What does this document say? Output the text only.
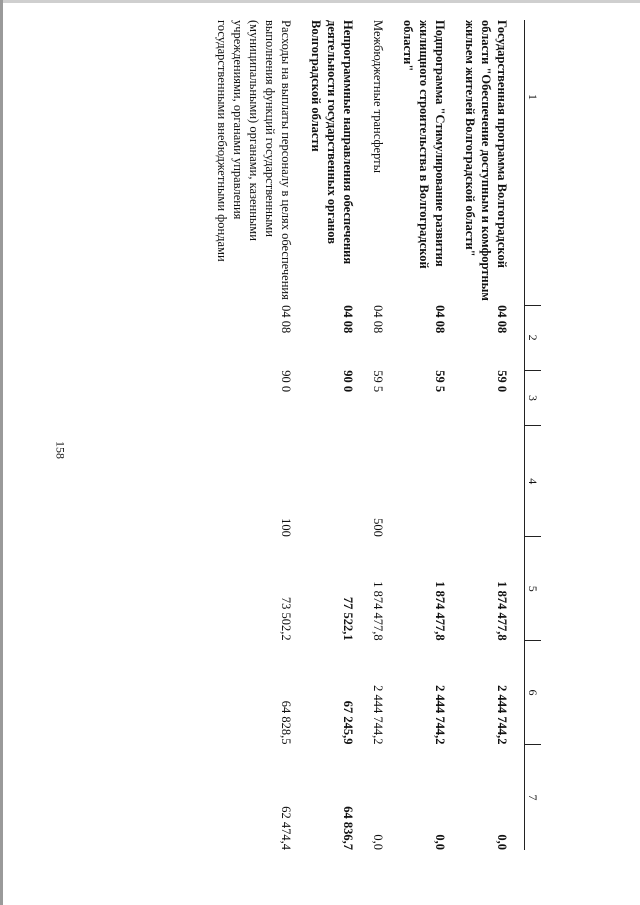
158
1	2	3	4	5	6	7

Государственная программа Волгоградской области "Обеспечение доступным и комфортным жильем жителей Волгоградской области"	04 08	59 0		1 874 477,8	2 444 744,2	0,0
Подпрограмма "Стимулирование развития жилищного строительства в Волгоградской области"	04 08	59 5		1 874 477,8	2 444 744,2	0,0
Межбюджетные трансферты	04 08	59 5	500	1 874 477,8	2 444 744,2	0,0
Непрограммные направления обеспечения деятельности государственных органов Волгоградской области	04 08	90 0		77 522,1	67 245,9	64 836,7
Расходы на выплаты персоналу в целях обеспечения выполнения функций государственными (муниципальными) органами, казенными учреждениями, органами управления государственными внебюджетными фондами	04 08	90 0	100	73 502,2	64 828,5	62 474,4
